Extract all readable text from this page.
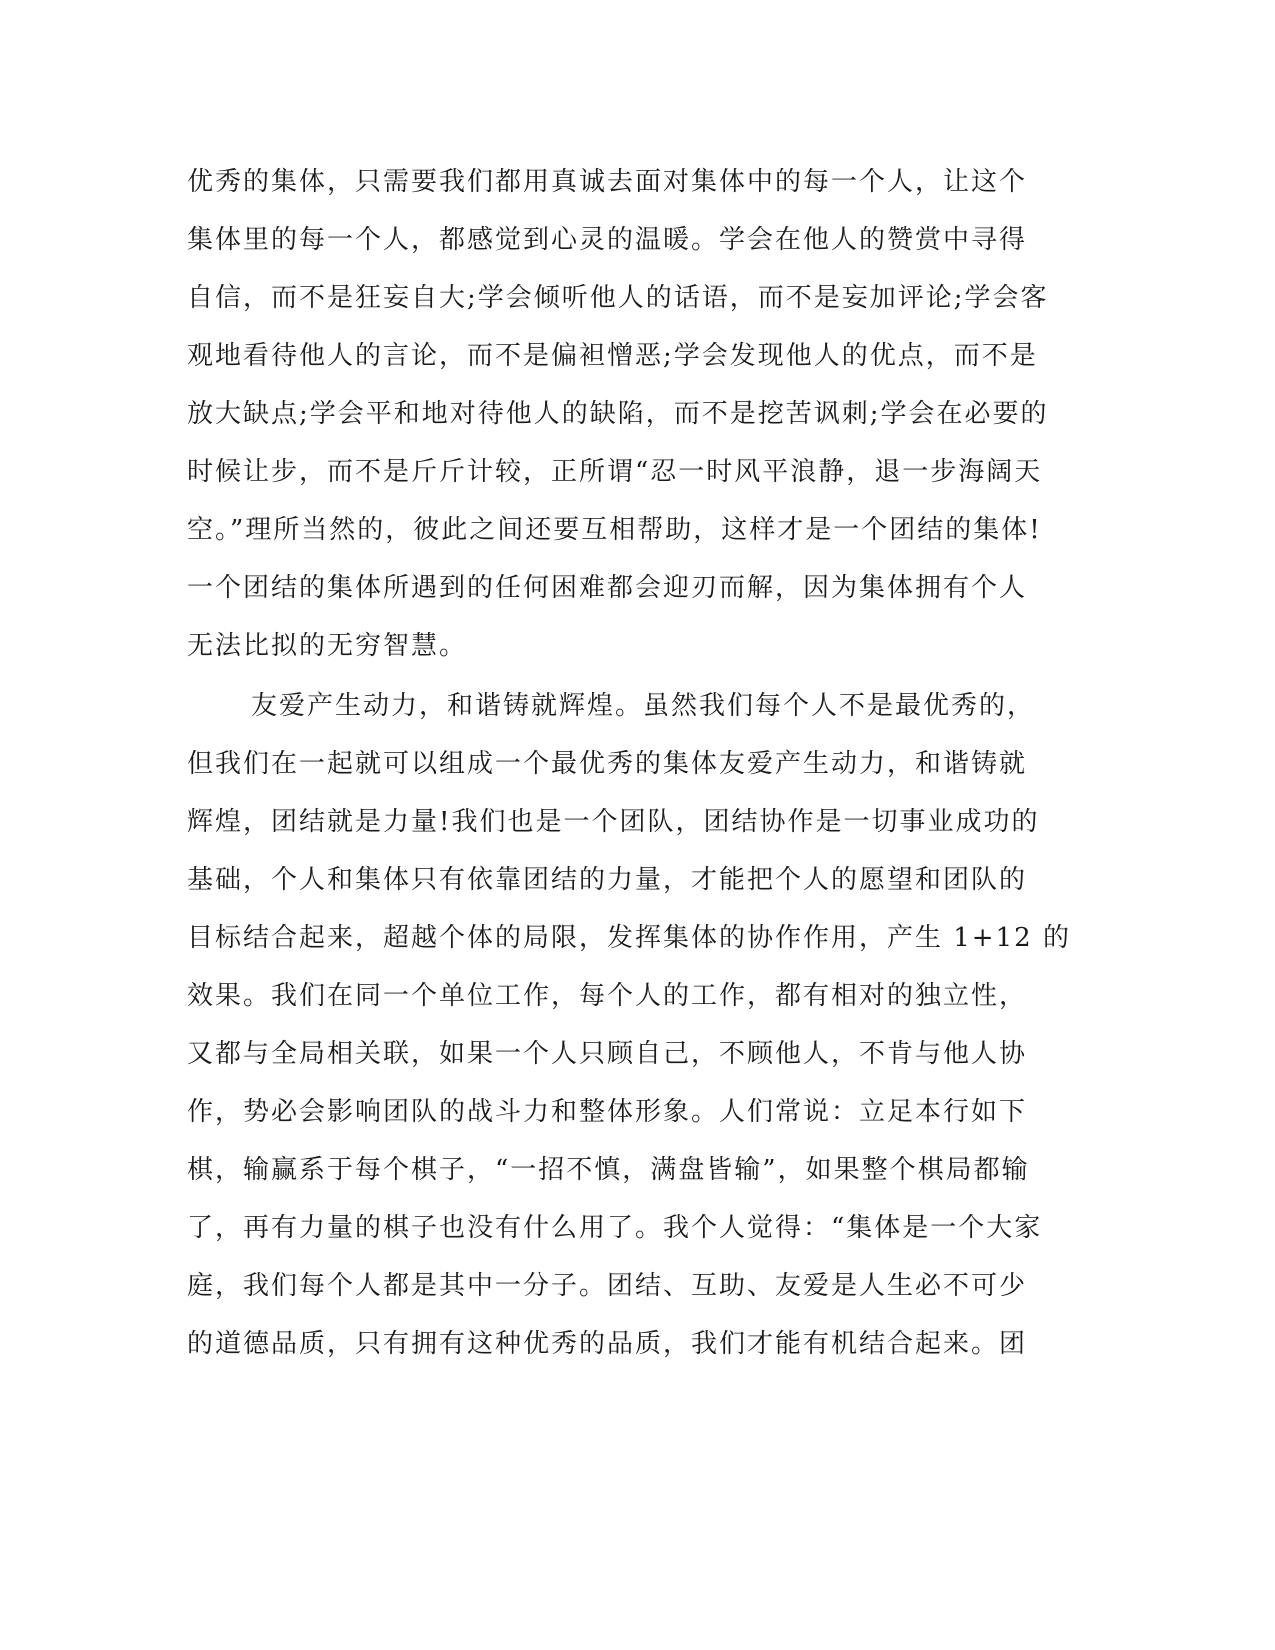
优秀的集体，只需要我们都用真诚去面对集体中的每一个人，让这个
集体里的每一个人，都感觉到心灵的温暖。学会在他人的赞赏中寻得
自信，而不是狂妄自大;学会倾听他人的话语，而不是妄加评论;学会客
观地看待他人的言论，而不是偏袒憎恶;学会发现他人的优点，而不是
放大缺点;学会平和地对待他人的缺陷，而不是挖苦讽刺;学会在必要的
时候让步，而不是斤斤计较，正所谓“忍一时风平浪静，退一步海阔天
空。”理所当然的，彼此之间还要互相帮助，这样才是一个团结的集体!
一个团结的集体所遇到的任何困难都会迎刃而解，因为集体拥有个人
无法比拟的无穷智慧。
友爱产生动力，和谐铸就辉煌。虽然我们每个人不是最优秀的，
但我们在一起就可以组成一个最优秀的集体友爱产生动力，和谐铸就
辉煌，团结就是力量!我们也是一个团队，团结协作是一切事业成功的
基础，个人和集体只有依靠团结的力量，才能把个人的愿望和团队的
目标结合起来，超越个体的局限，发挥集体的协作作用，产生 1+12 的
效果。我们在同一个单位工作，每个人的工作，都有相对的独立性，
又都与全局相关联，如果一个人只顾自己，不顾他人，不肯与他人协
作，势必会影响团队的战斗力和整体形象。人们常说：立足本行如下
棋，输赢系于每个棋子，“一招不慎，满盘皆输”，如果整个棋局都输
了，再有力量的棋子也没有什么用了。我个人觉得：“集体是一个大家
庭，我们每个人都是其中一分子。团结、互助、友爱是人生必不可少
的道德品质，只有拥有这种优秀的品质，我们才能有机结合起来。团
